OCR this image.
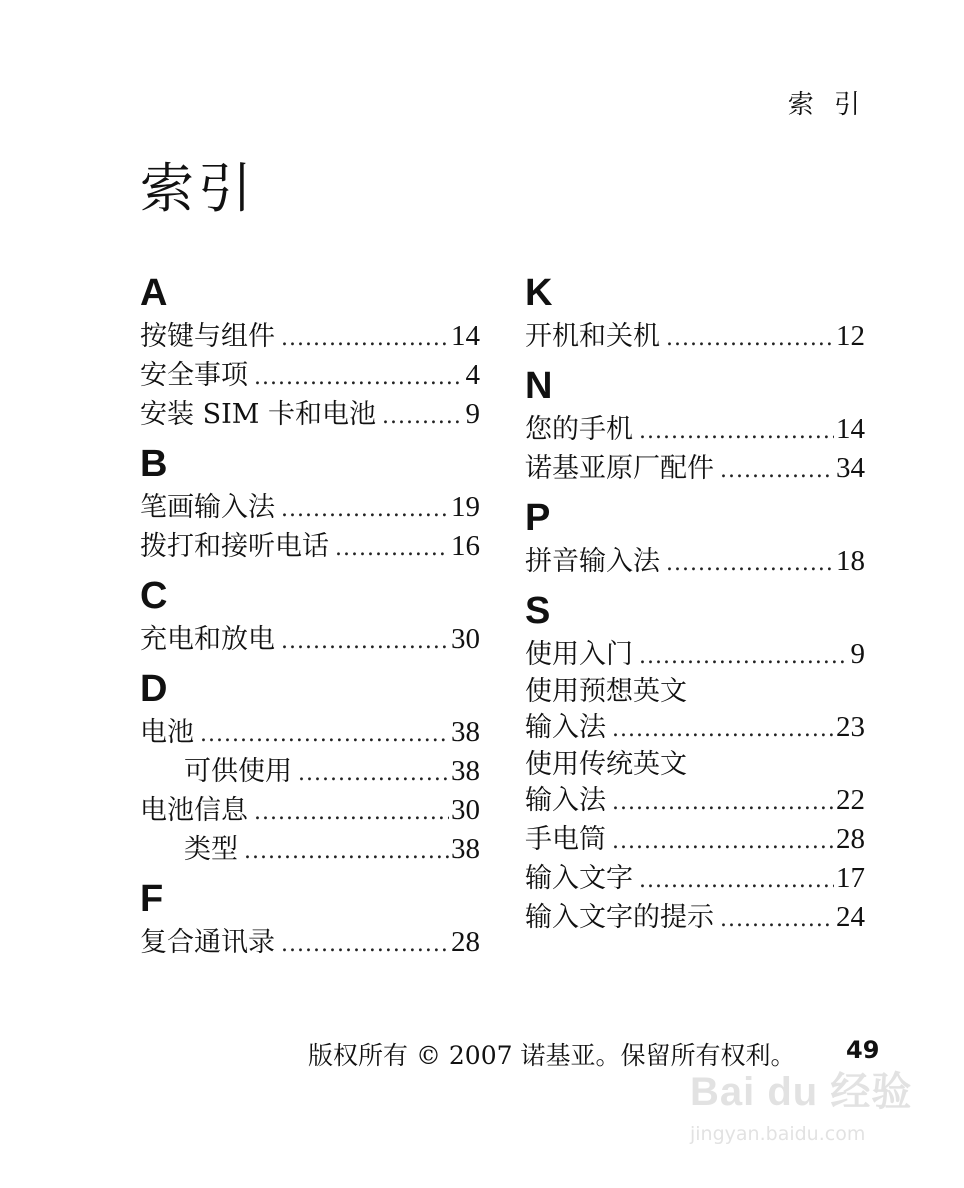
索 引
索引
A
按键与组件 .....	14
安全事项 .....	4
安装 SIM 卡和电池 .....	9
B
笔画输入法 .....	19
拨打和接听电话 .....	16
C
充电和放电 .....	30
D
电池 .....	38
可供使用 .....	38
电池信息 .....	30
类型 .....	38
F
复合通讯录 .....	28
K
开机和关机 .....	12
N
您的手机 .....	14
诺基亚原厂配件 .....	34
P
拼音输入法 .....	18
S
使用入门 .....	9
使用预想英文
输入法 .....	23
使用传统英文
输入法 .....	22
手电筒 .....	28
输入文字 .....	17
输入文字的提示 .....	24
版权所有 © 2007 诺基亚。保留所有权利。 49
Bai du 经验
jingyan.baidu.com
